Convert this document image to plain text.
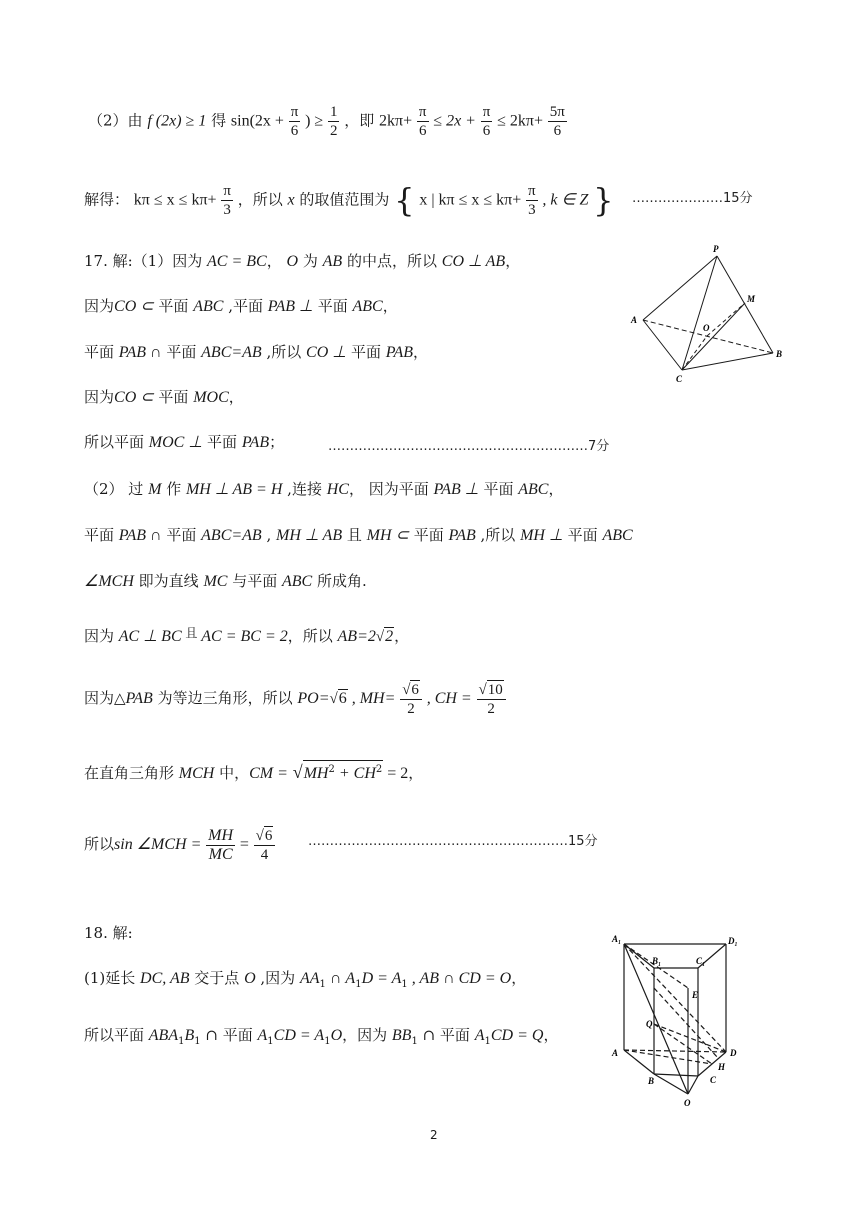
（2）由 f (2x) ≥ 1 得 $\sin(2x + \frac{\pi}{6}$ ) ≥ $\frac{1}{2}$ ，即 $2k\pi+ \frac{\pi}{6} \le 2x + \frac{\pi}{6} \le 2k\pi+ \frac{5\pi}{6}$
解得： $k\pi \le x \le k\pi+ \frac{\pi}{3}$ ，所以 x 的取值范围为 { x | $k\pi \le x \le k\pi+ \frac{\pi}{3}$ , k ∈ Z } …………………15分
17. 解:（1）因为 AC = BC， O 为 AB 的中点，所以 CO ⊥ AB，
因为CO ⊂ 平面 ABC ,平面 PAB ⊥ 平面 ABC，
平面 PAB ∩ 平面 ABC=AB ,所以 CO ⊥ 平面 PAB，
因为CO ⊂ 平面 MOC，
所以平面 MOC ⊥ 平面 PAB；	……………………………………………………7分
（2） 过 M 作 MH ⊥ AB = H ,连接 HC， 因为平面 PAB ⊥ 平面 ABC，
平面 PAB ∩ 平面 ABC=AB , MH ⊥ AB 且 MH ⊂ 平面 PAB ,所以 MH ⊥ 平面 ABC
∠MCH 即为直线 MC 与平面 ABC 所成角.
因为 AC ⊥ BC $^且$ AC = BC = 2，所以 AB=2√2，
因为△PAB 为等边三角形，所以 PO=√6 , $MH= \frac{√6}{2}$ , CH = $\frac{√10}{2}$
在直角三角形 MCH 中，CM = $√MH^2 + CH^2 = 2$，
所以sin ∠MCH = $\frac{MH}{MC} = \frac{√6}{4}$	……………………………………………………15分
P
A
M
O
B
C
18. 解:
(1)延长 DC, AB 交于点 O ,因为 $AA_1$ ∩ $A_1D = A_1$ , AB ∩ CD = O，
所以平面 $ABA_1B_1$ ∩ 平面 $A_1CD = A_1O$，因为 $BB_1$ ∩ 平面 $A_1CD = Q$，
A₁	D₁
B₁	C₁
E
Q
A	D
B
H
C
O
2
